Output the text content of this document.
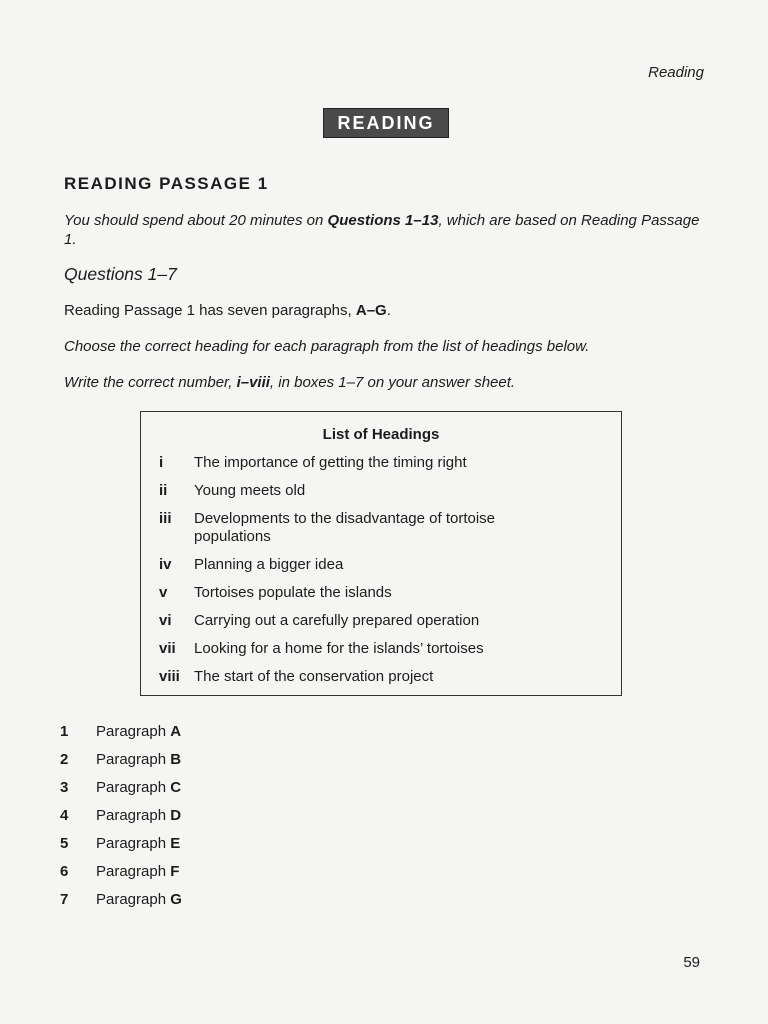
Reading
READING
READING PASSAGE 1
You should spend about 20 minutes on Questions 1–13, which are based on Reading Passage 1.
Questions 1–7
Reading Passage 1 has seven paragraphs, A–G.
Choose the correct heading for each paragraph from the list of headings below.
Write the correct number, i–viii, in boxes 1–7 on your answer sheet.
List of Headings
i	The importance of getting the timing right
ii	Young meets old
iii	Developments to the disadvantage of tortoise populations
iv	Planning a bigger idea
v	Tortoises populate the islands
vi	Carrying out a carefully prepared operation
vii	Looking for a home for the islands’ tortoises
viii The start of the conservation project
1	Paragraph A
2	Paragraph B
3	Paragraph C
4	Paragraph D
5	Paragraph E
6	Paragraph F
7	Paragraph G
59
